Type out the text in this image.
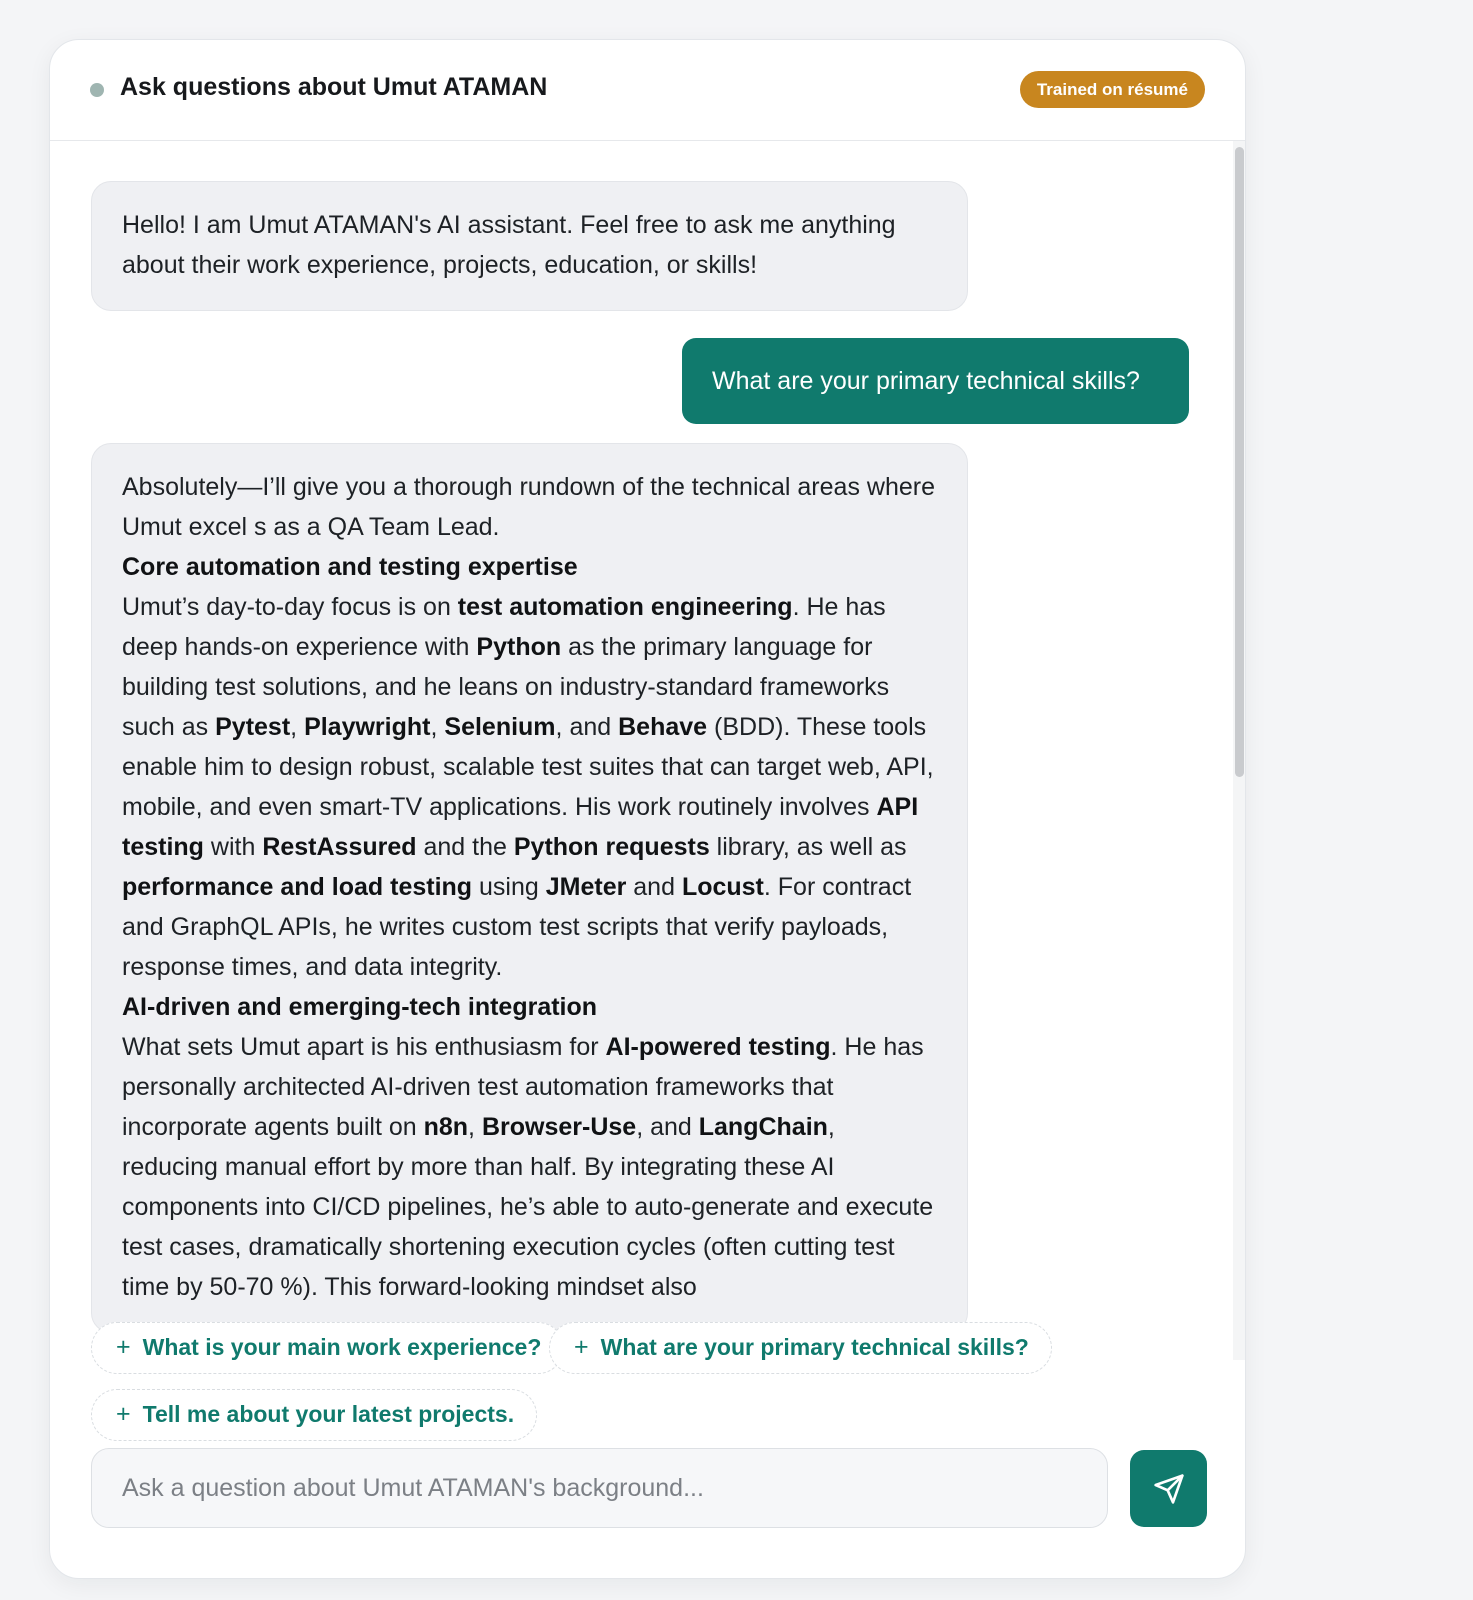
Ask questions about Umut ATAMAN	Trained on résumé

Hello! I am Umut ATAMAN's AI assistant. Feel free to ask me anything about their work experience, projects, education, or skills!

What are your primary technical skills?

Absolutely—I’ll give you a thorough rundown of the technical areas where Umut excel s as a QA Team Lead.

Core automation and testing expertise

Umut’s day-to-day focus is on test automation engineering. He has deep hands-on experience with Python as the primary language for building test solutions, and he leans on industry-standard frameworks such as Pytest, Playwright, Selenium, and Behave (BDD). These tools enable him to design robust, scalable test suites that can target web, API, mobile, and even smart-TV applications. His work routinely involves API testing with RestAssured and the Python requests library, as well as performance and load testing using JMeter and Locust. For contract and GraphQL APIs, he writes custom test scripts that verify payloads, response times, and data integrity.

AI-driven and emerging-tech integration

What sets Umut apart is his enthusiasm for AI-powered testing. He has personally architected AI-driven test automation frameworks that incorporate agents built on n8n, Browser-Use, and LangChain, reducing manual effort by more than half. By integrating these AI components into CI/CD pipelines, he’s able to auto-generate and execute test cases, dramatically shortening execution cycles (often cutting test time by 50-70 %). This forward-looking mindset also

+ What is your main work experience?	+ What are your primary technical skills?
+ Tell me about your latest projects.
Ask a question about Umut ATAMAN's background...
